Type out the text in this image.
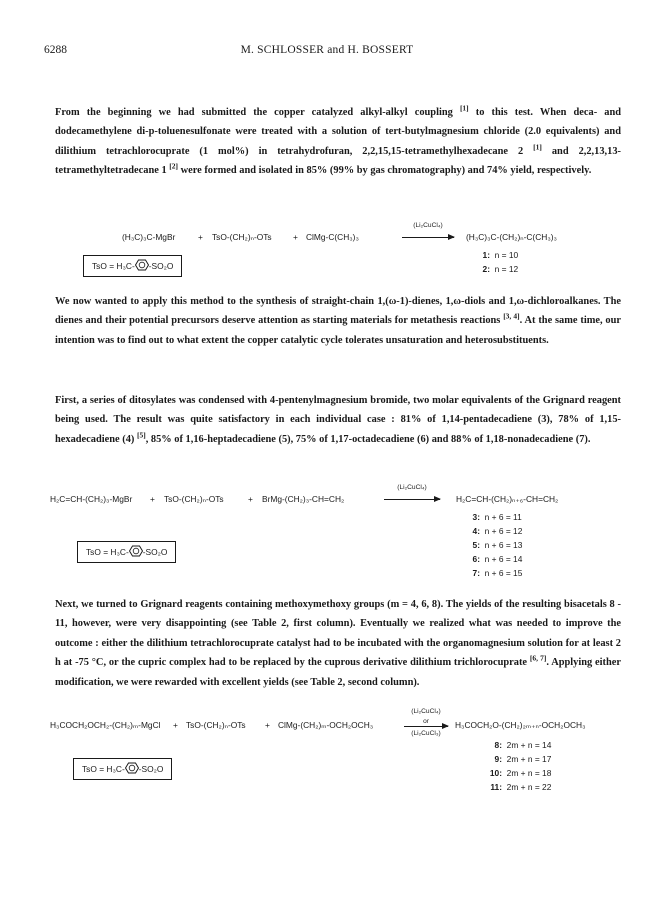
6288	M. SCHLOSSER and H. BOSSERT

From the beginning we had submitted the copper catalyzed alkyl-alkyl coupling [1] to this test. When deca- and dodecamethylene di-p-toluenesulfonate were treated with a solution of tert-butylmagnesium chloride (2.0 equivalents) and dilithium tetrachlorocuprate (1 mol%) in tetrahydrofuran, 2,2,15,15-tetramethylhexadecane 2 [1] and 2,2,13,13-tetramethyltetradecane 1 [2] were formed and isolated in 85% (99% by gas chromatography) and 74% yield, respectively.

(H₃C)₃C-MgBr	+ TsO-(CH₂)ₙ-OTs	+ ClMg-C(CH₃)₃
(Li₂CuCl₄)
(H₃C)₃C-(CH₂)ₙ-C(CH₃)₃
TsO = H₃C- -SO₂O
1: n = 10
2: n = 12

We now wanted to apply this method to the synthesis of straight-chain 1,(ω-1)-dienes, 1,ω-diols and 1,ω-dichloroalkanes. The dienes and their potential precursors deserve attention as starting materials for metathesis reactions [3, 4]. At the same time, our intention was to find out to what extent the copper catalytic cycle tolerates unsaturation and heterosubstituents.

First, a series of ditosylates was condensed with 4-pentenylmagnesium bromide, two molar equivalents of the Grignard reagent being used. The result was quite satisfactory in each individual case : 81% of 1,14-pentadecadiene (3), 78% of 1,15-hexadecadiene (4) [5], 85% of 1,16-heptadecadiene (5), 75% of 1,17-octadecadiene (6) and 88% of 1,18-nonadecadiene (7).

H₂C=CH-(CH₂)₃-MgBr + TsO-(CH₂)ₙ-OTs	+ BrMg-(CH₂)₃-CH=CH₂
(Li₂CuCl₄)
H₂C=CH-(CH₂)ₙ₊₆-CH=CH₂
TsO = H₃C- -SO₂O
3: n + 6 = 11
4: n + 6 = 12
5: n + 6 = 13
6: n + 6 = 14
7: n + 6 = 15

Next, we turned to Grignard reagents containing methoxymethoxy groups (m = 4, 6, 8). The yields of the resulting bisacetals 8 - 11, however, were very disappointing (see Table 2, first column). Eventually we realized what was needed to improve the outcome : either the dilithium tetrachlorocuprate catalyst had to be incubated with the organomagnesium solution for at least 2 h at -75 °C, or the cupric complex had to be replaced by the cuprous derivative dilithium trichlorocuprate [6, 7]. Applying either modification, we were rewarded with excellent yields (see Table 2, second column).

H₃COCH₂OCH₂-(CH₂)ₘ-MgCl + TsO-(CH₂)ₙ-OTs + ClMg-(CH₂)ₘ-OCH₂OCH₃
(Li₂CuCl₄)
or
(Li₂CuCl₃)
H₃COCH₂O-(CH₂)₂ₘ₊ₙ-OCH₂OCH₃
TsO = H₃C- -SO₂O
8: 2m + n = 14
9: 2m + n = 17
10: 2m + n = 18
11: 2m + n = 22
